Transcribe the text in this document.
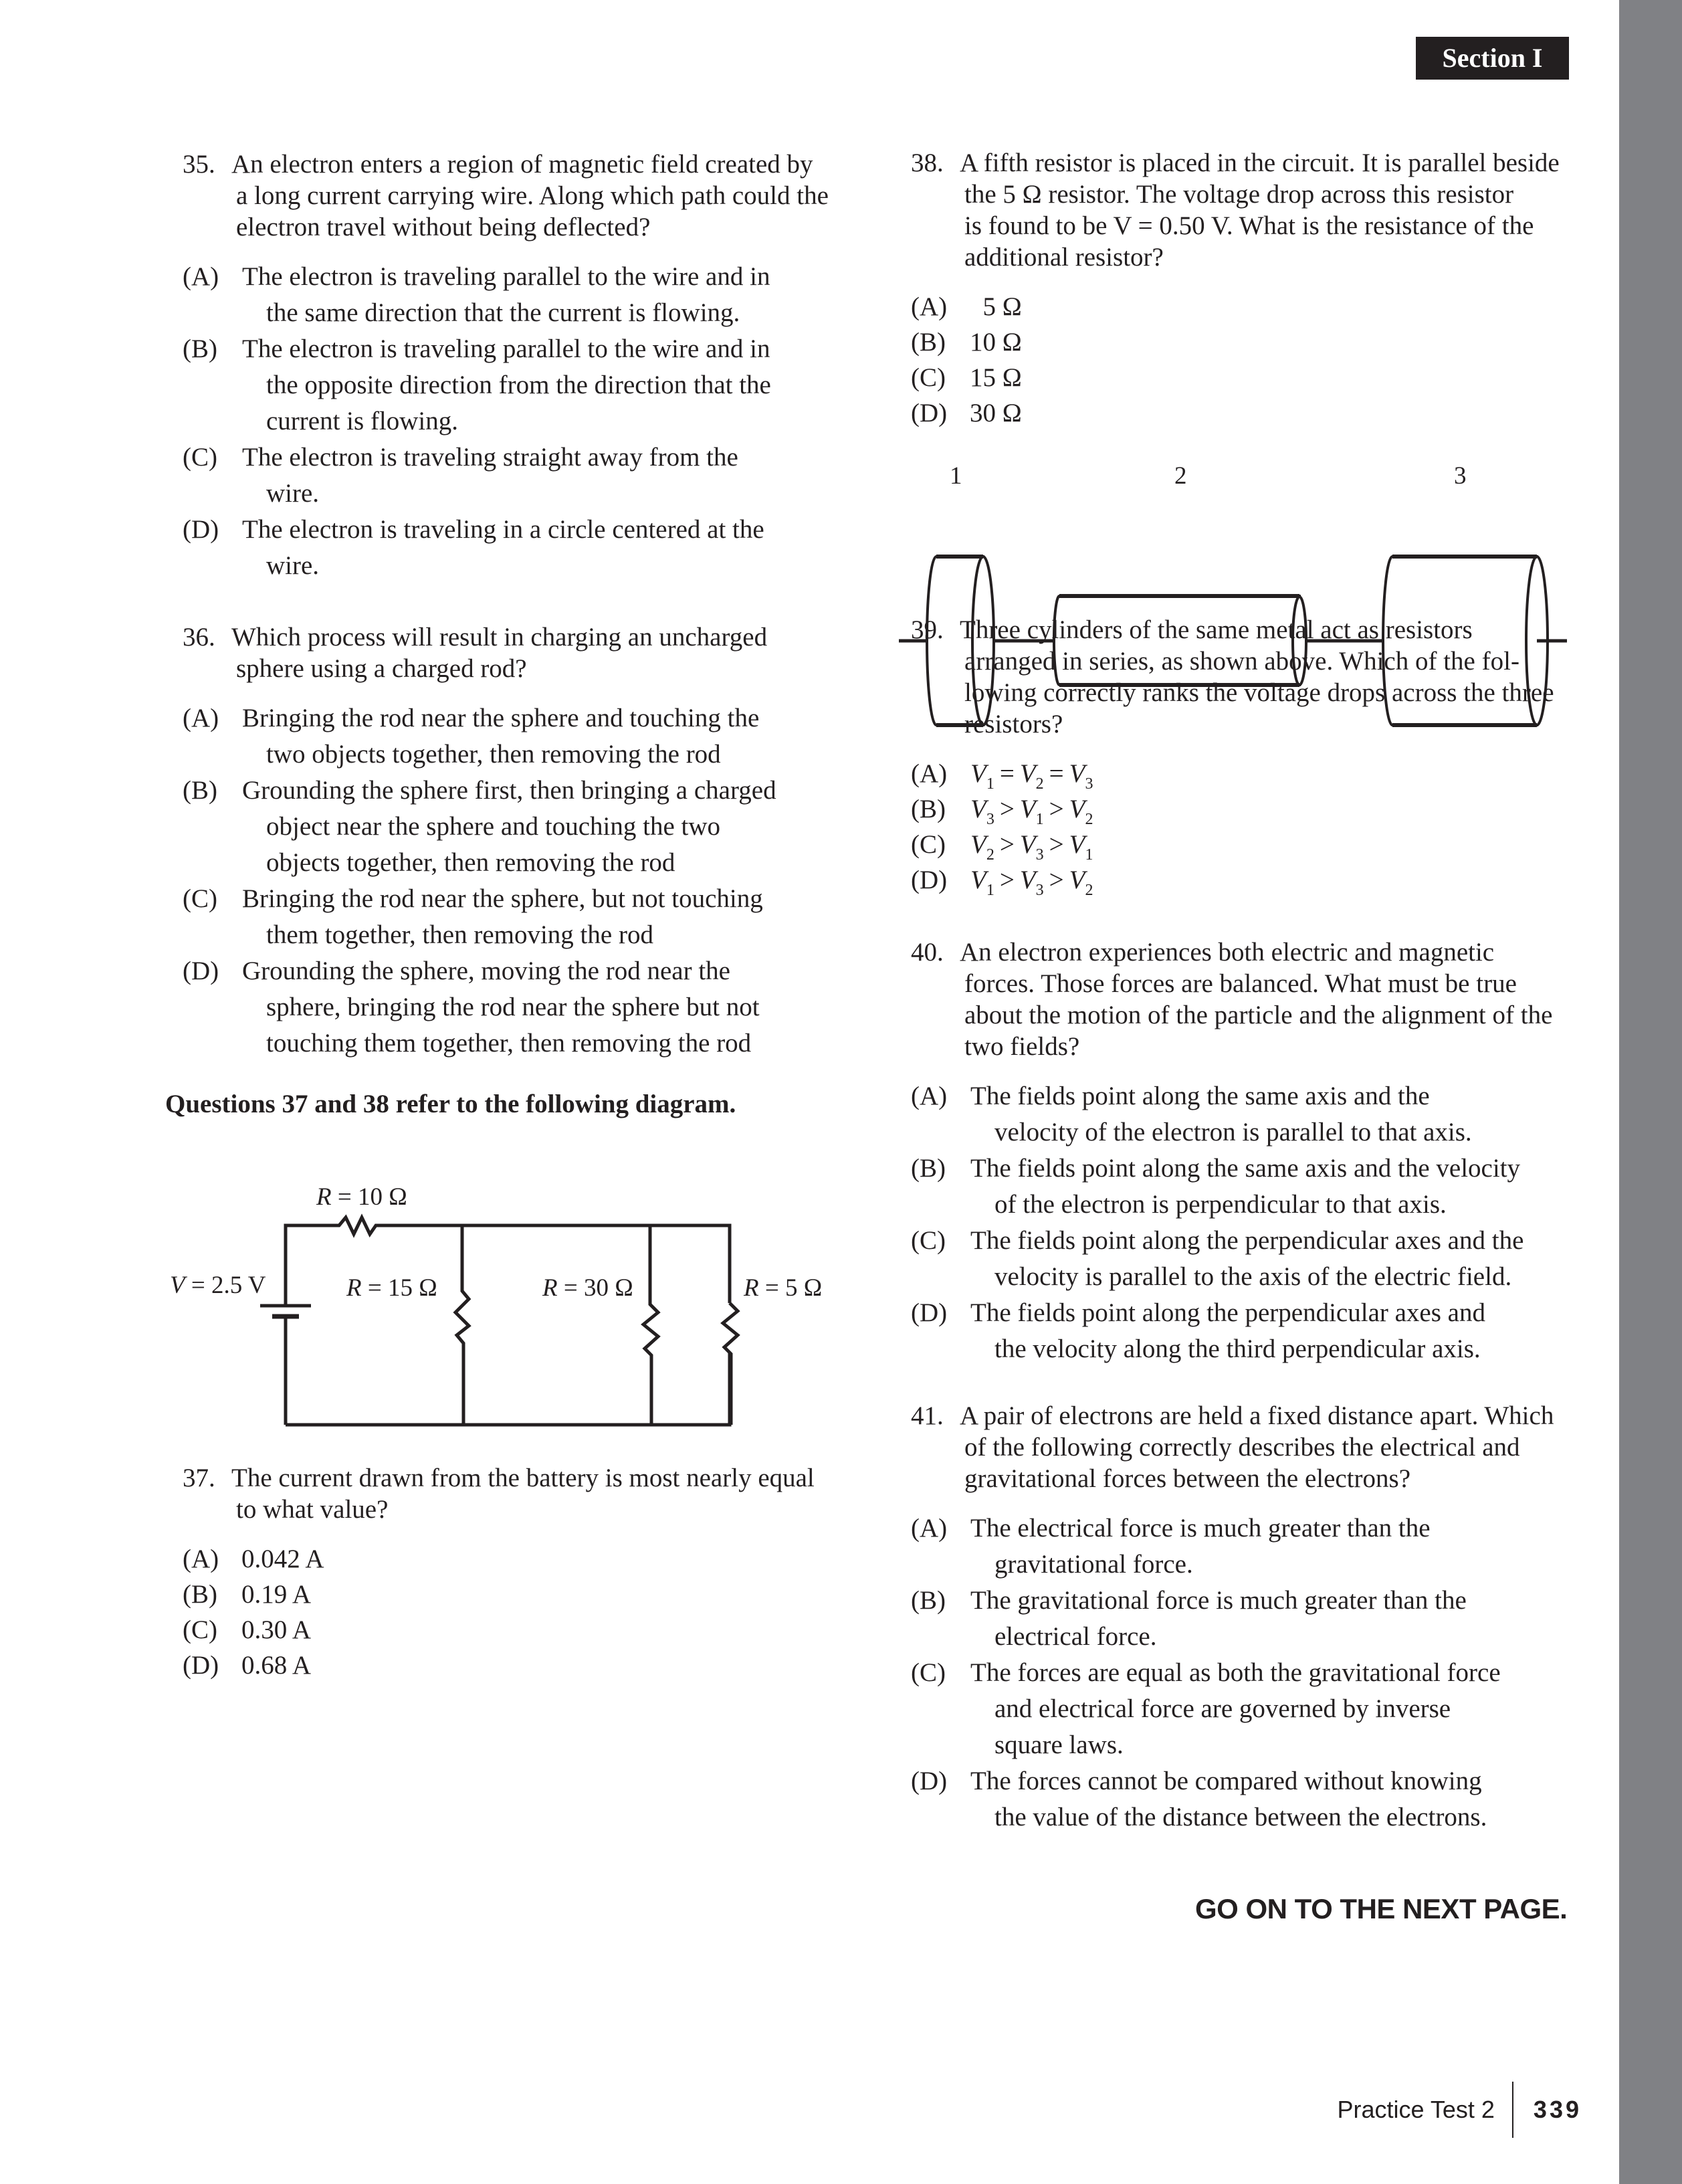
Section I
35. An electron enters a region of magnetic field created by
a long current carrying wire. Along which path could the
electron travel without being deflected?
(A) The electron is traveling parallel to the wire and in
the same direction that the current is flowing.
(B) The electron is traveling parallel to the wire and in
the opposite direction from the direction that the
current is flowing.
(C) The electron is traveling straight away from the
wire.
(D) The electron is traveling in a circle centered at the
wire.
36. Which process will result in charging an uncharged
sphere using a charged rod?
(A) Bringing the rod near the sphere and touching the
two objects together, then removing the rod
(B) Grounding the sphere first, then bringing a charged
object near the sphere and touching the two
objects together, then removing the rod
(C) Bringing the rod near the sphere, but not touching
them together, then removing the rod
(D) Grounding the sphere, moving the rod near the
sphere, bringing the rod near the sphere but not
touching them together, then removing the rod
Questions 37 and 38 refer to the following diagram.
R = 10 Ω
V = 2.5 V	R = 15 Ω	R = 30 Ω	R = 5 Ω
37. The current drawn from the battery is most nearly equal
to what value?
(A) 0.042 A
(B) 0.19 A
(C) 0.30 A
(D) 0.68 A
38. A fifth resistor is placed in the circuit. It is parallel beside
the 5 Ω resistor. The voltage drop across this resistor
is found to be V = 0.50 V. What is the resistance of the
additional resistor?
(A) 5 Ω
(B) 10 Ω
(C) 15 Ω
(D) 30 Ω
1	2	3
39. Three cylinders of the same metal act as resistors
arranged in series, as shown above. Which of the fol-
lowing correctly ranks the voltage drops across the three
resistors?
(A) $V_1 = V_2 = V_3$
(B) $V_3 > V_1 > V_2$
(C) $V_2 > V_3 > V_1$
(D) $V_1 > V_3 > V_2$
40. An electron experiences both electric and magnetic
forces. Those forces are balanced. What must be true
about the motion of the particle and the alignment of the
two fields?
(A) The fields point along the same axis and the
velocity of the electron is parallel to that axis.
(B) The fields point along the same axis and the velocity
of the electron is perpendicular to that axis.
(C) The fields point along the perpendicular axes and the
velocity is parallel to the axis of the electric field.
(D) The fields point along the perpendicular axes and
the velocity along the third perpendicular axis.
41. A pair of electrons are held a fixed distance apart. Which
of the following correctly describes the electrical and
gravitational forces between the electrons?
(A) The electrical force is much greater than the
gravitational force.
(B) The gravitational force is much greater than the
electrical force.
(C) The forces are equal as both the gravitational force
and electrical force are governed by inverse
square laws.
(D) The forces cannot be compared without knowing
the value of the distance between the electrons.
GO ON TO THE NEXT PAGE.
Practice Test 2 339
